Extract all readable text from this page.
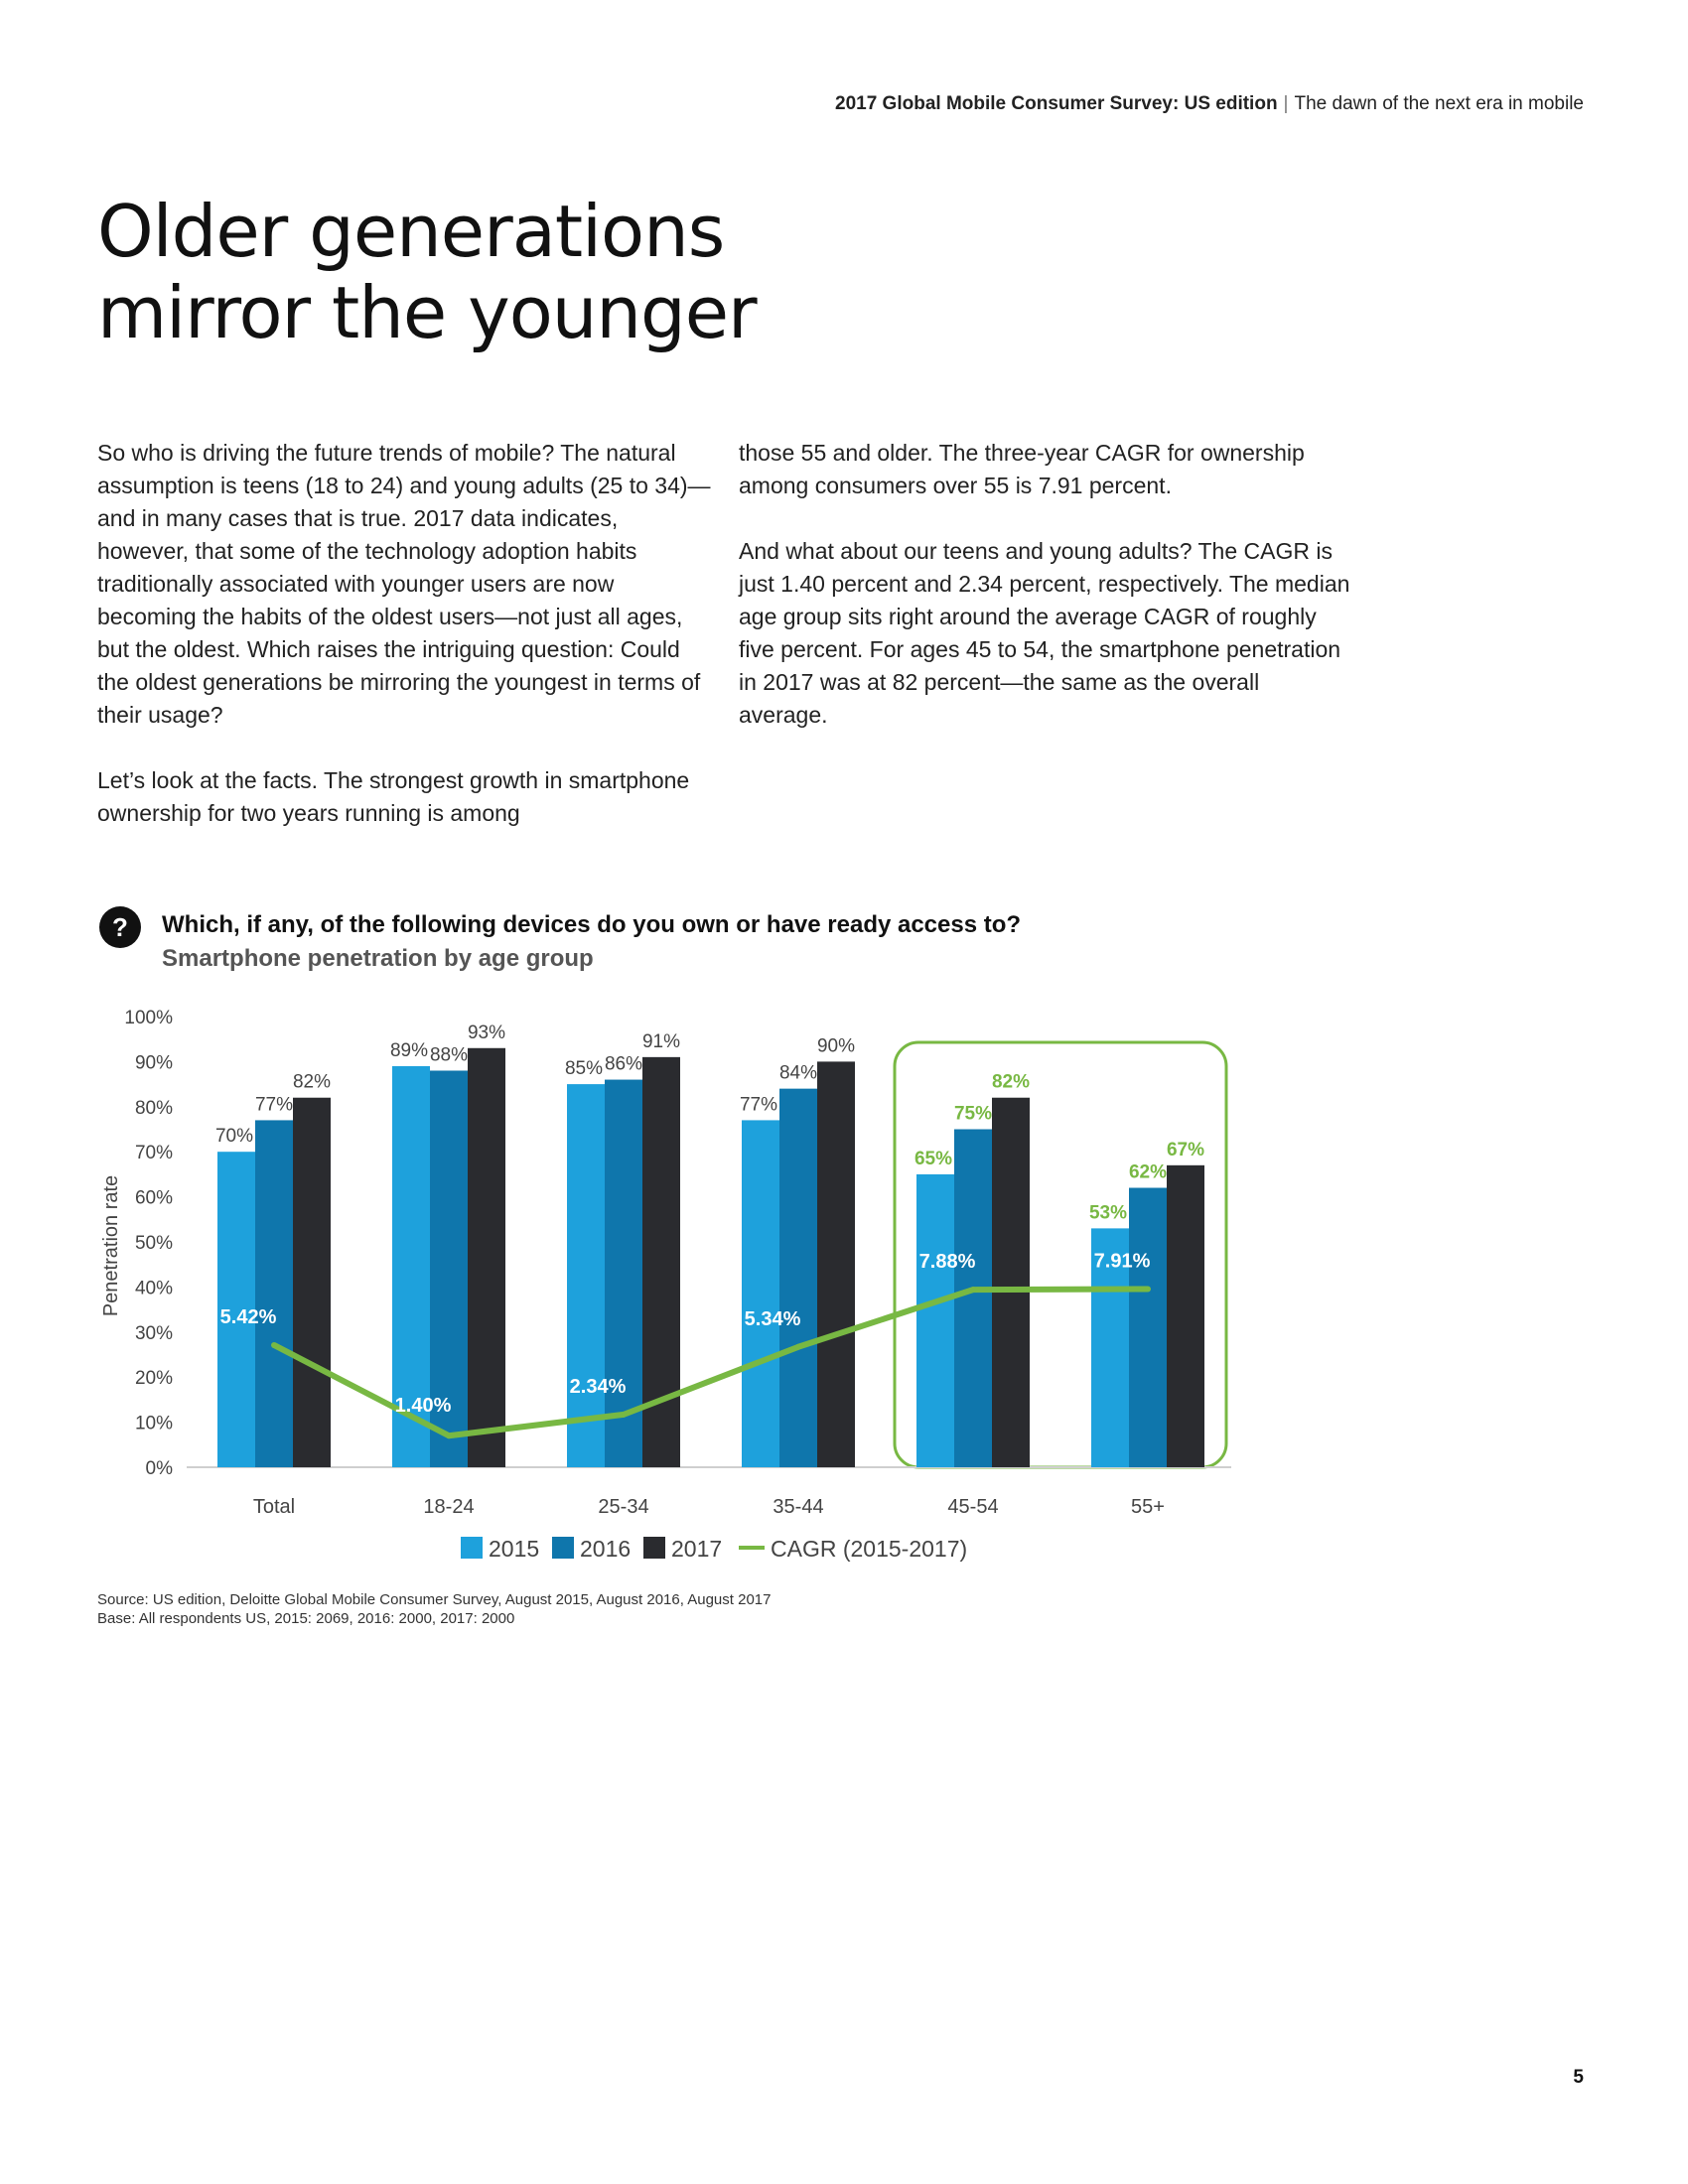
2017 Global Mobile Consumer Survey: US edition | The dawn of the next era in mobile
Older generations
mirror the younger

So who is driving the future trends of mobile? The natural assumption is teens (18 to 24) and young adults (25 to 34)—and in many cases that is true. 2017 data indicates, however, that some of the technology adoption habits traditionally associated with younger users are now becoming the habits of the oldest users—not just all ages, but the oldest. Which raises the intriguing question: Could the oldest generations be mirroring the youngest in terms of their usage?

Let’s look at the facts. The strongest growth in smartphone ownership for two years running is among

those 55 and older. The three-year CAGR for ownership among consumers over 55 is 7.91 percent.

And what about our teens and young adults? The CAGR is just 1.40 percent and 2.34 percent, respectively. The median age group sits right around the average CAGR of roughly five percent. For ages 45 to 54, the smartphone penetration in 2017 was at 82 percent—the same as the overall average.

?	Which, if any, of the following devices do you own or have ready access to?
Smartphone penetration by age group
0%
10%
20%
30%
40%
50%
60%
70%
80%
90%
100%
Penetration rate
70%
77%
82%
Total
89% 88%
93%
18-24
85% 86%
91%
25-34
77%
84%
90%
35-44
65%
75%
82%
45-54
53%
62%
67%
55+
5.42%
1.40%
2.34%
5.34%
7.88%	7.91%
2015 2016 2017 CAGR (2015-2017)
Source: US edition, Deloitte Global Mobile Consumer Survey, August 2015, August 2016, August 2017
Base: All respondents US, 2015: 2069, 2016: 2000, 2017: 2000
5
